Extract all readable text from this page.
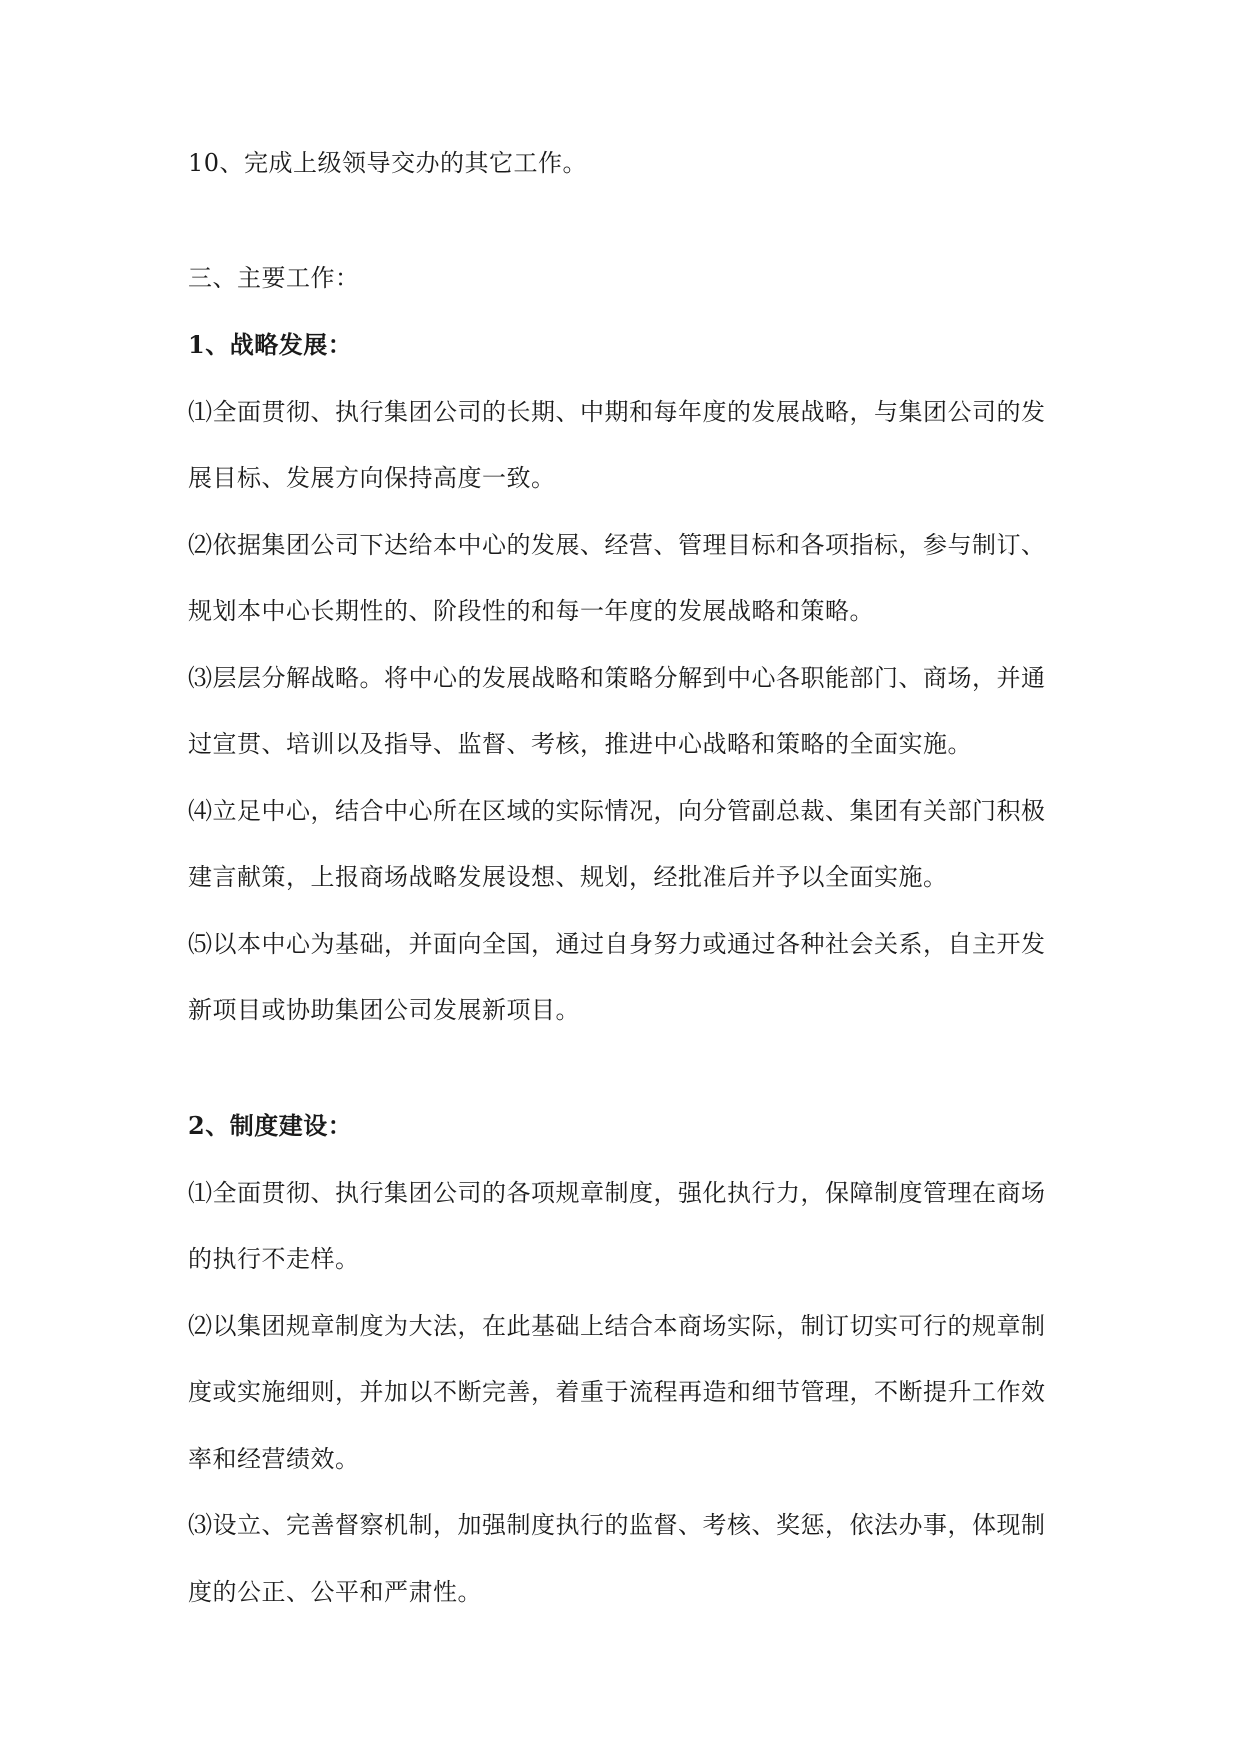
10、完成上级领导交办的其它工作。
三、主要工作：
1、战略发展：
⑴全面贯彻、执行集团公司的长期、中期和每年度的发展战略，与集团公司的发
展目标、发展方向保持高度一致。
⑵依据集团公司下达给本中心的发展、经营、管理目标和各项指标，参与制订、
规划本中心长期性的、阶段性的和每一年度的发展战略和策略。
⑶层层分解战略。将中心的发展战略和策略分解到中心各职能部门、商场，并通
过宣贯、培训以及指导、监督、考核，推进中心战略和策略的全面实施。
⑷立足中心，结合中心所在区域的实际情况，向分管副总裁、集团有关部门积极
建言献策，上报商场战略发展设想、规划，经批准后并予以全面实施。
⑸以本中心为基础，并面向全国，通过自身努力或通过各种社会关系，自主开发
新项目或协助集团公司发展新项目。
2、制度建设：
⑴全面贯彻、执行集团公司的各项规章制度，强化执行力，保障制度管理在商场
的执行不走样。
⑵以集团规章制度为大法，在此基础上结合本商场实际，制订切实可行的规章制
度或实施细则，并加以不断完善，着重于流程再造和细节管理，不断提升工作效
率和经营绩效。
⑶设立、完善督察机制，加强制度执行的监督、考核、奖惩，依法办事，体现制
度的公正、公平和严肃性。
